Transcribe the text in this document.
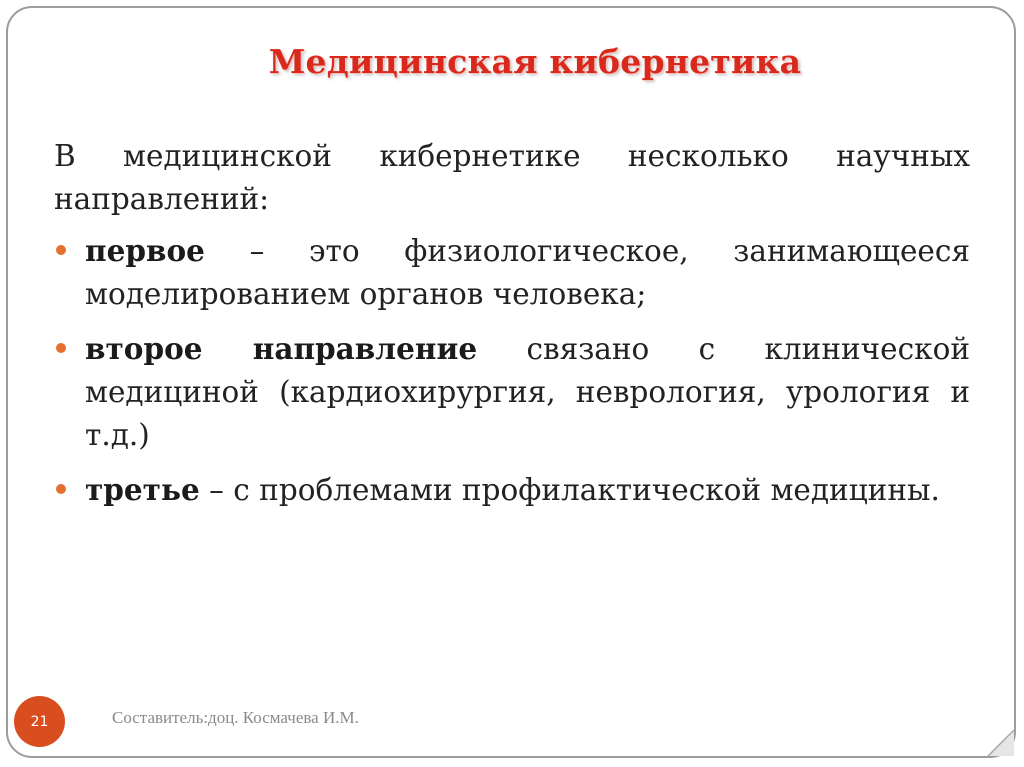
Медицинская кибернетика

В медицинской кибернетике несколько научных направлений:

первое – это физиологическое, занимающееся моделированием органов человека;

второе направление связано с клинической медициной (кардиохирургия, неврология, урология и т.д.)

третье – с проблемами профилактической медицины.

21	Составитель:доц. Космачева И.М.
